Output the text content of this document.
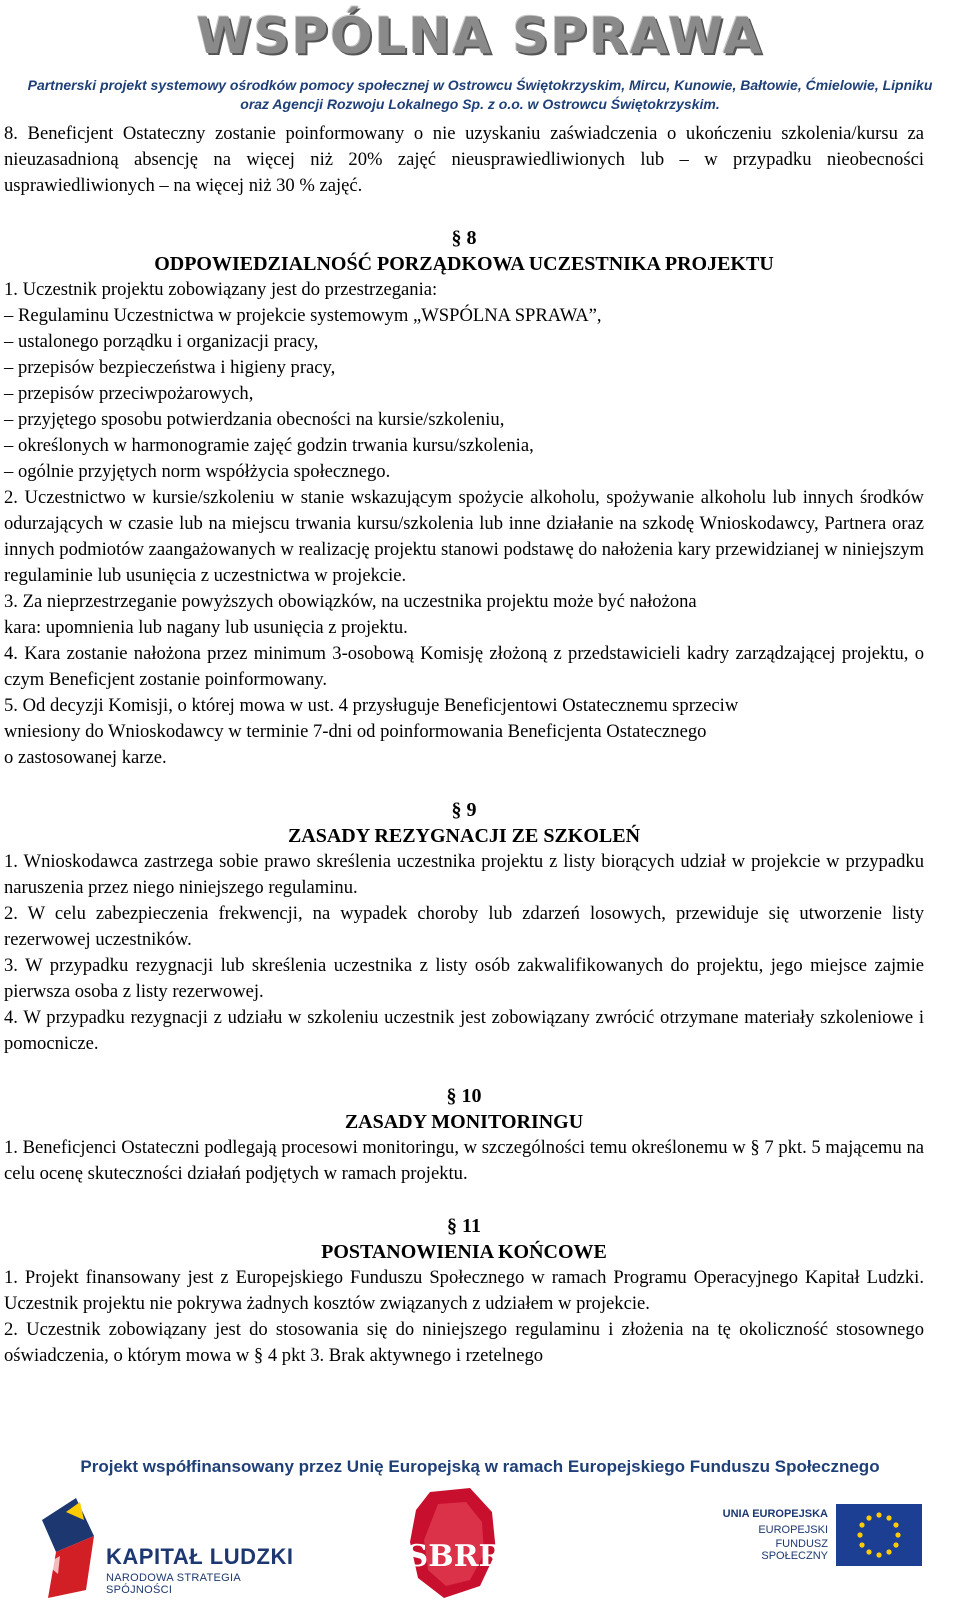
WSPÓLNA SPRAWA
Partnerski projekt systemowy ośrodków pomocy społecznej w Ostrowcu Świętokrzyskim, Mircu, Kunowie, Bałtowie, Ćmielowie, Lipniku
oraz Agencji Rozwoju Lokalnego Sp. z o.o. w Ostrowcu Świętokrzyskim.

8. Beneficjent Ostateczny zostanie poinformowany o nie uzyskaniu zaświadczenia o ukończeniu szkolenia/kursu za nieuzasadnioną absencję na więcej niż 20% zajęć nieusprawiedliwionych lub – w przypadku nieobecności usprawiedliwionych – na więcej niż 30 % zajęć.

§ 8

ODPOWIEDZIALNOŚĆ PORZĄDKOWA UCZESTNIKA PROJEKTU

1. Uczestnik projektu zobowiązany jest do przestrzegania:

– Regulaminu Uczestnictwa w projekcie systemowym „WSPÓLNA SPRAWA”,

– ustalonego porządku i organizacji pracy,

– przepisów bezpieczeństwa i higieny pracy,

– przepisów przeciwpożarowych,

– przyjętego sposobu potwierdzania obecności na kursie/szkoleniu,

– określonych w harmonogramie zajęć godzin trwania kursu/szkolenia,

– ogólnie przyjętych norm współżycia społecznego.

2. Uczestnictwo w kursie/szkoleniu w stanie wskazującym spożycie alkoholu, spożywanie alkoholu lub innych środków odurzających w czasie lub na miejscu trwania kursu/szkolenia lub inne działanie na szkodę Wnioskodawcy, Partnera oraz innych podmiotów zaangażowanych w realizację projektu stanowi podstawę do nałożenia kary przewidzianej w niniejszym regulaminie lub usunięcia z uczestnictwa w projekcie.

3. Za nieprzestrzeganie powyższych obowiązków, na uczestnika projektu może być nałożona

kara: upomnienia lub nagany lub usunięcia z projektu.

4. Kara zostanie nałożona przez minimum 3-osobową Komisję złożoną z przedstawicieli kadry zarządzającej projektu, o czym Beneficjent zostanie poinformowany.

5. Od decyzji Komisji, o której mowa w ust. 4 przysługuje Beneficjentowi Ostatecznemu sprzeciw

wniesiony do Wnioskodawcy w terminie 7-dni od poinformowania Beneficjenta Ostatecznego

o zastosowanej karze.

§ 9

ZASADY REZYGNACJI ZE SZKOLEŃ

1. Wnioskodawca zastrzega sobie prawo skreślenia uczestnika projektu z listy biorących udział w projekcie w przypadku naruszenia przez niego niniejszego regulaminu.

2. W celu zabezpieczenia frekwencji, na wypadek choroby lub zdarzeń losowych, przewiduje się utworzenie listy rezerwowej uczestników.

3. W przypadku rezygnacji lub skreślenia uczestnika z listy osób zakwalifikowanych do projektu, jego miejsce zajmie pierwsza osoba z listy rezerwowej.

4. W przypadku rezygnacji z udziału w szkoleniu uczestnik jest zobowiązany zwrócić otrzymane materiały szkoleniowe i pomocnicze.

§ 10

ZASADY MONITORINGU

1. Beneficjenci Ostateczni podlegają procesowi monitoringu, w szczególności temu określonemu w § 7 pkt. 5 mającemu na celu ocenę skuteczności działań podjętych w ramach projektu.

§ 11

POSTANOWIENIA KOŃCOWE

1. Projekt finansowany jest z Europejskiego Funduszu Społecznego w ramach Programu Operacyjnego Kapitał Ludzki. Uczestnik projektu nie pokrywa żadnych kosztów związanych z udziałem w projekcie.

2. Uczestnik zobowiązany jest do stosowania się do niniejszego regulaminu i złożenia na tę okoliczność stosownego oświadczenia, o którym mowa w § 4 pkt 3. Brak aktywnego i rzetelnego

Projekt współfinansowany przez Unię Europejską w ramach Europejskiego Funduszu Społecznego
KAPITAŁ LUDZKI
NARODOWA STRATEGIA SPÓJNOŚCI
SBRR
UNIA EUROPEJSKA
EUROPEJSKI
FUNDUSZ SPOŁECZNY
